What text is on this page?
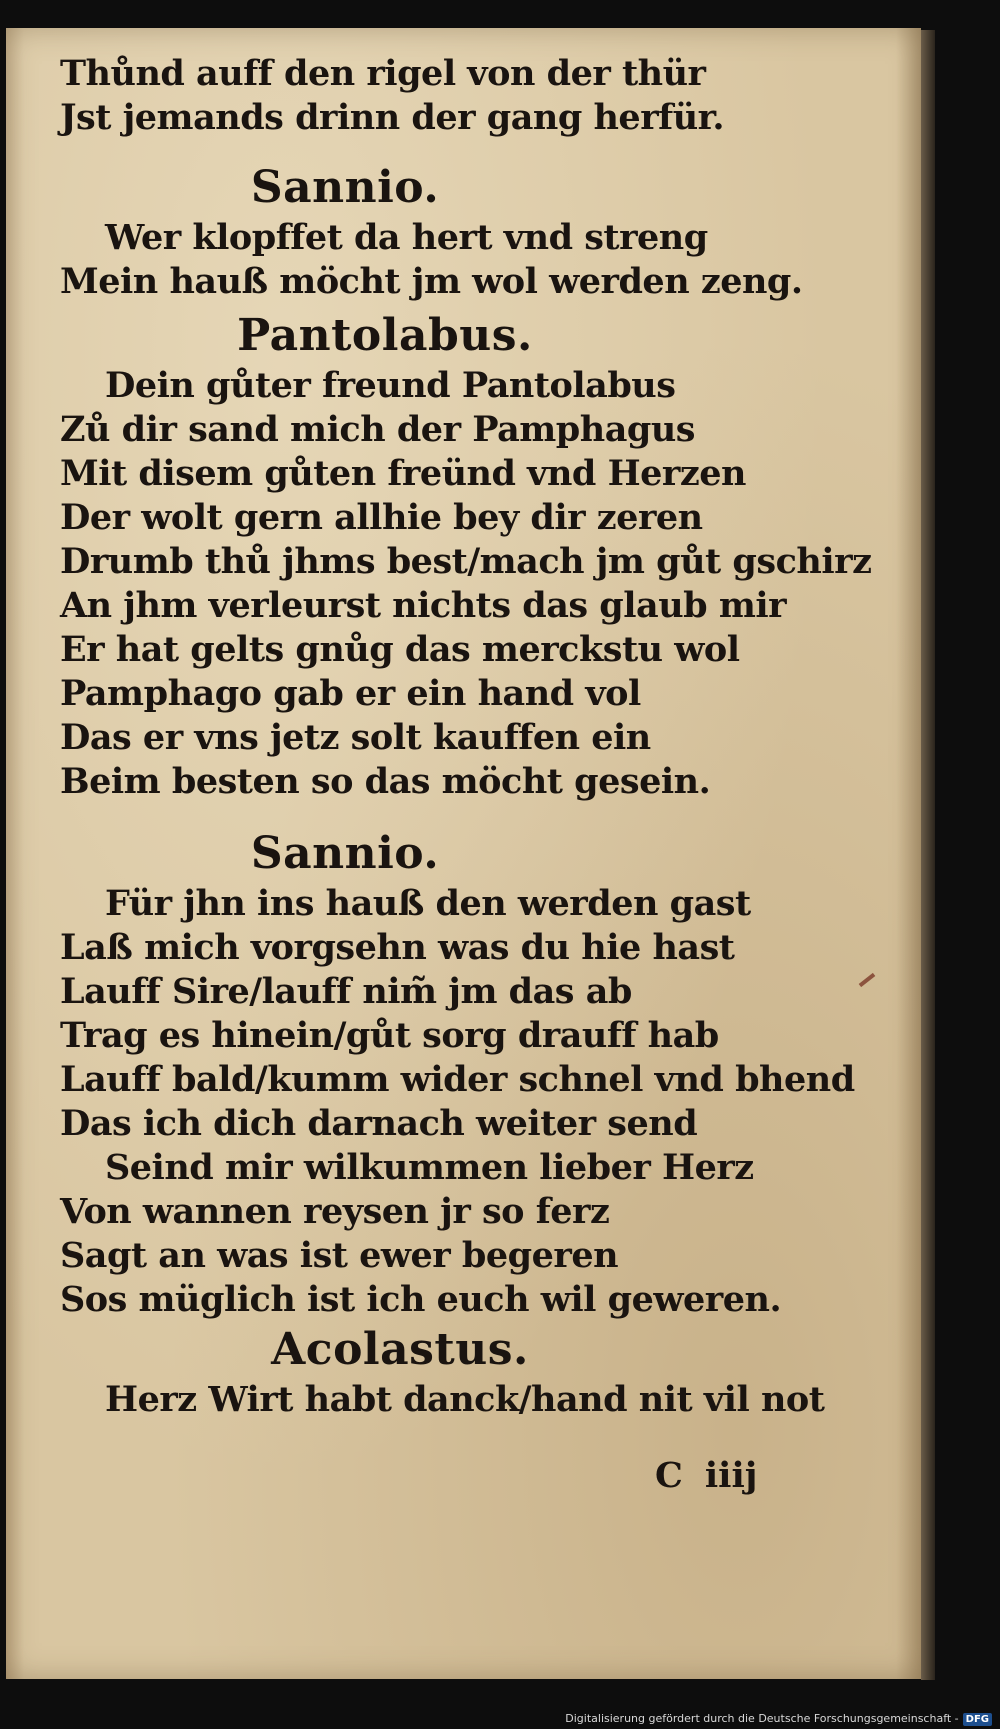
Thůnd auff den rigel von der thür
Jst jemands drinn der gang herfür.
Sannio.
Wer klopffet da hert vnd streng
Mein hauß möcht jm wol werden zeng.
Pantolabus.
Dein gůter freund Pantolabus
Zů dir sand mich der Pamphagus
Mit disem gůten freünd vnd Herzen
Der wolt gern allhie bey dir zeren
Drumb thů jhms best/mach jm gůt gschirz
An jhm verleurst nichts das glaub mir
Er hat gelts gnůg das merckstu wol
Pamphago gab er ein hand vol
Das er vns jetz solt kauffen ein
Beim besten so das möcht gesein.
Sannio.
Für jhn ins hauß den werden gast
Laß mich vorgsehn was du hie hast
Lauff Sire/lauff nim̃ jm das ab
Trag es hinein/gůt sorg drauff hab
Lauff bald/kumm wider schnel vnd bhend
Das ich dich darnach weiter send
Seind mir wilkummen lieber Herz
Von wannen reysen jr so ferz
Sagt an was ist ewer begeren
Sos müglich ist ich euch wil geweren.
Acolastus.
Herz Wirt habt danck/hand nit vil not
C iiij
Digitalisierung gefördert durch die Deutsche Forschungsgemeinschaft - DFG
